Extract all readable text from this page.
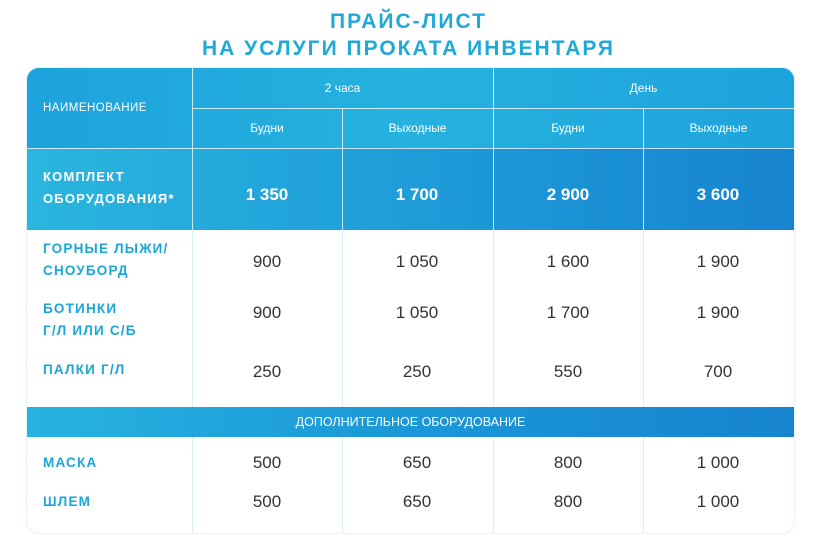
ПРАЙС-ЛИСТ
НА УСЛУГИ ПРОКАТА ИНВЕНТАРЯ
НАИМЕНОВАНИЕ
2 часа	День
Будни	Выходные	Будни	Выходные
КОМПЛЕКТ
ОБОРУДОВАНИЯ*	1 350	1 700	2 900	3 600
ГОРНЫЕ ЛЫЖИ/
СНОУБОРД	900	1 050	1 600	1 900
БОТИНКИ
Г/Л ИЛИ С/Б
900	1 050	1 700	1 900
ПАЛКИ Г/Л	250	250	550	700
ДОПОЛНИТЕЛЬНОЕ ОБОРУДОВАНИЕ
МАСКА	500	650	800	1 000
ШЛЕМ	500	650	800	1 000
